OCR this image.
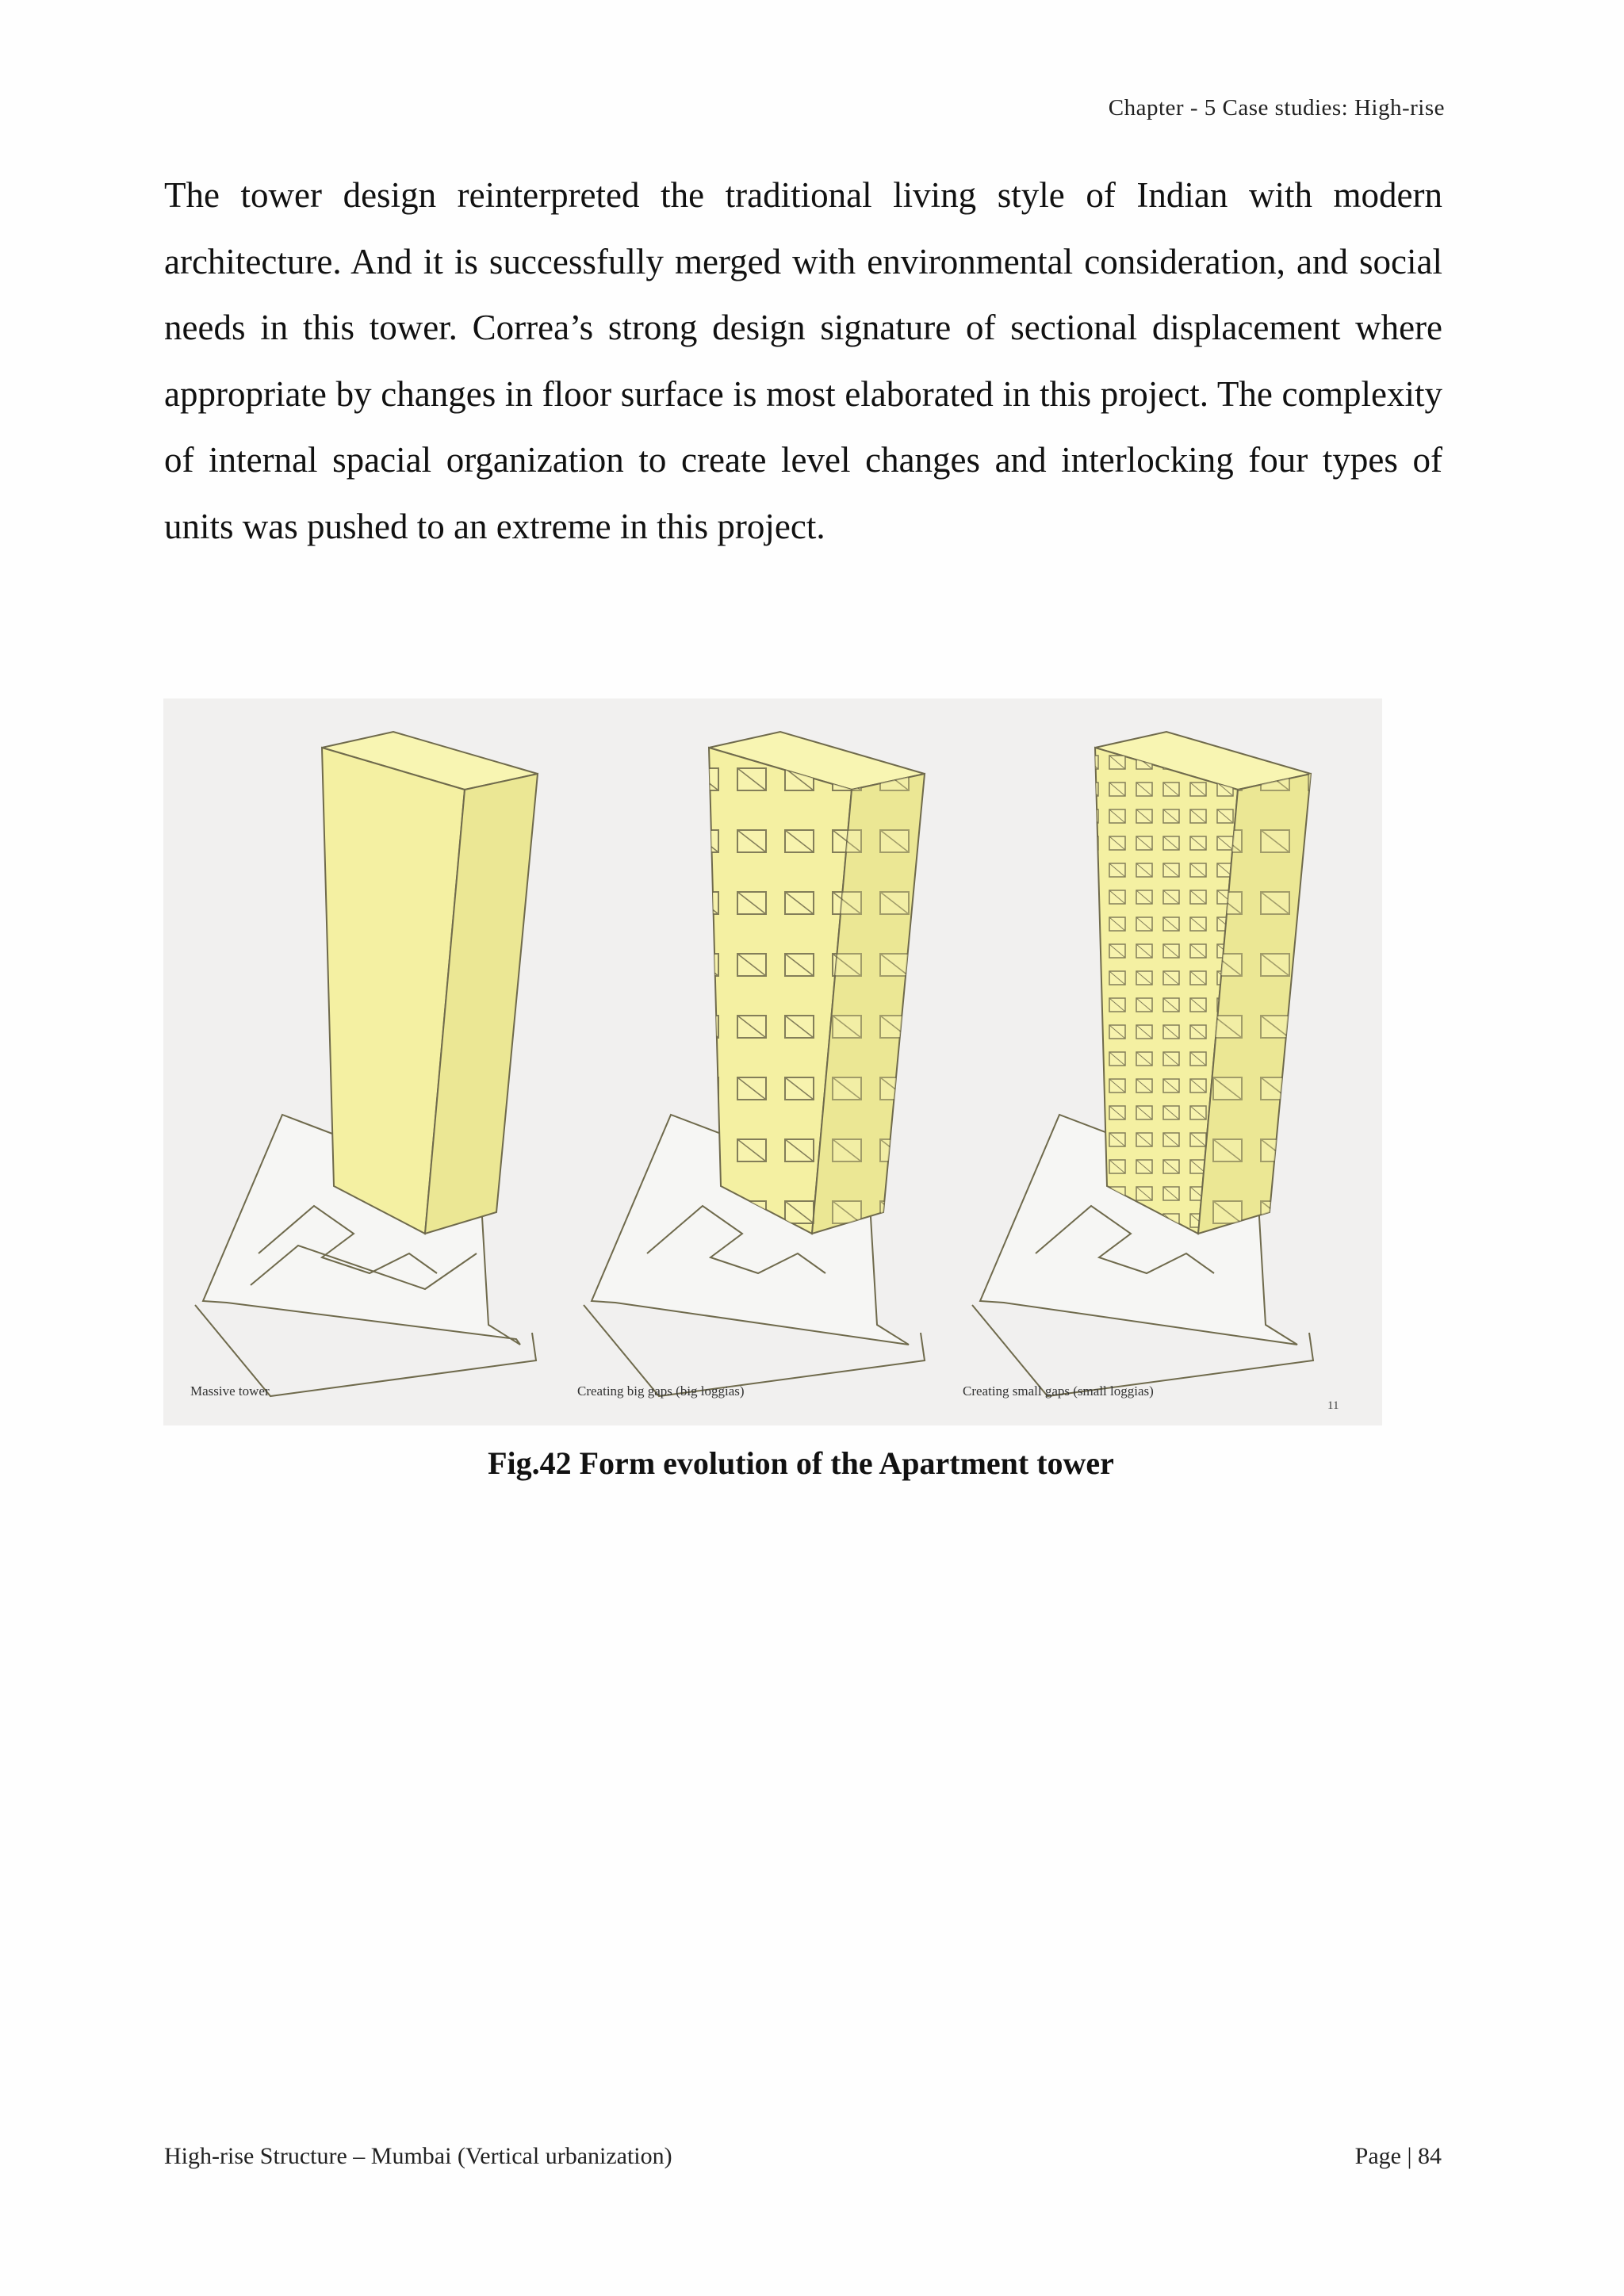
Chapter - 5 Case studies: High-rise
The tower design reinterpreted the traditional living style of Indian with modern architecture. And it is successfully merged with environmental consideration, and social needs in this tower. Correa’s strong design signature of sectional displacement where appropriate by changes in floor surface is most elaborated in this project. The complexity of internal spacial organization to create level changes and interlocking four types of units was pushed to an extreme in this project.
Massive tower	Creating big gaps (big loggias)	Creating small gaps (small loggias)
11
Fig.42 Form evolution of the Apartment tower
High-rise Structure – Mumbai (Vertical urbanization)	Page | 84
